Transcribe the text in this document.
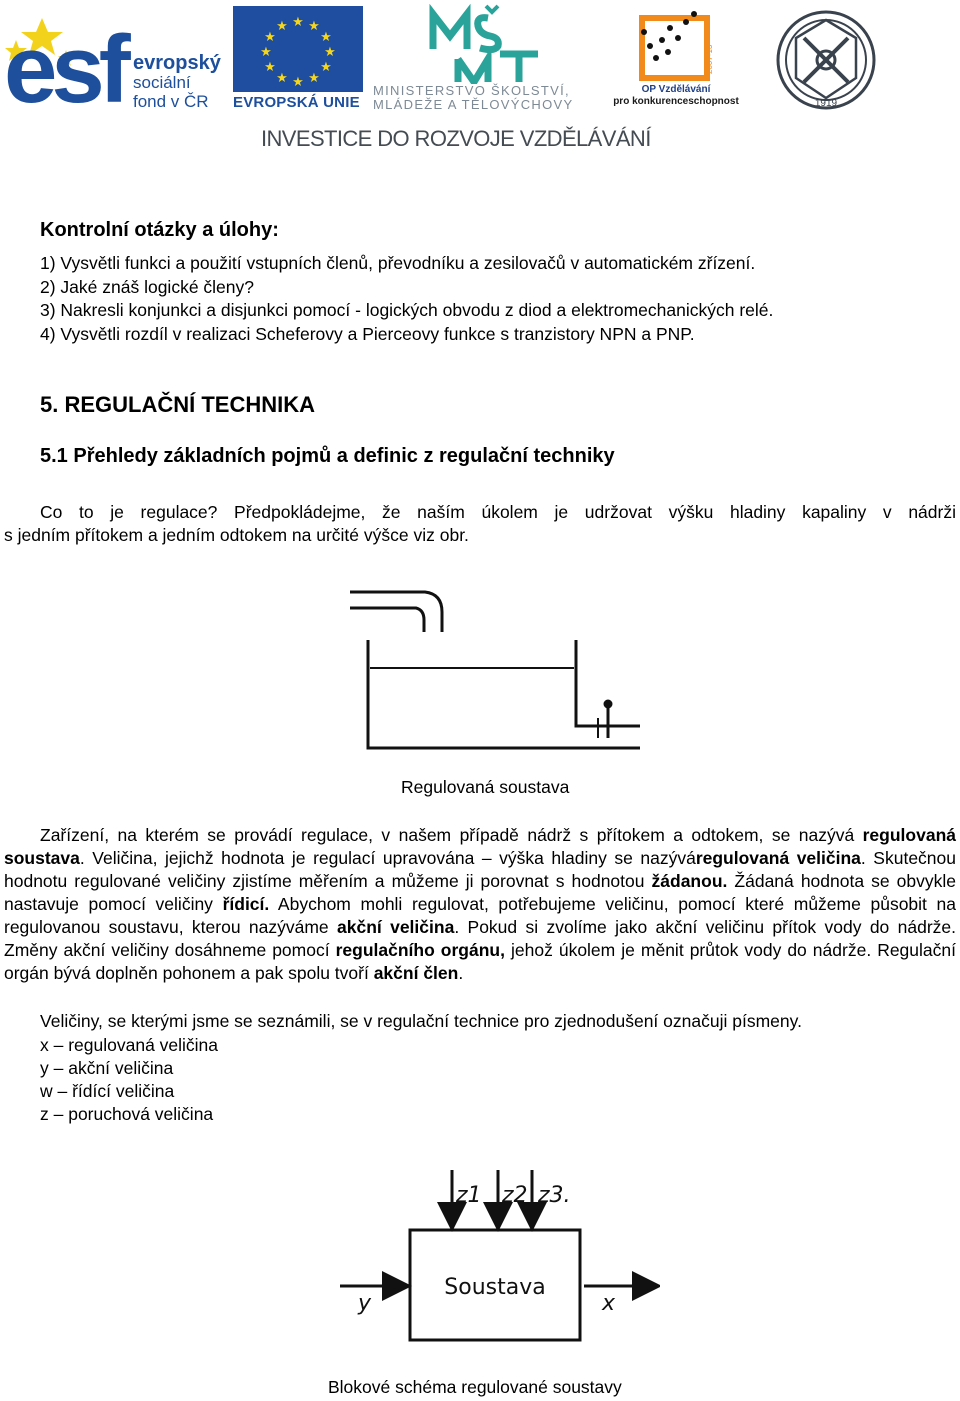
esf evropský
sociální
fond v ČR
★ ★
★
★
★
★
★
★
★
★
★
★
EVROPSKÁ UNIE
MINISTERSTVO ŠKOLSTVÍ,
MLÁDEŽE A TĚLOVÝCHOVY
2007-13
OP Vzdělávání
pro konkurenceschopnost	1919
INVESTICE DO ROZVOJE VZDĚLÁVÁNÍ
Kontrolní otázky a úlohy:
1) Vysvětli funkci a použití vstupních členů, převodníku a zesilovačů v automatickém zřízení.
2) Jaké znáš logické členy?
3) Nakresli konjunkci a disjunkci pomocí - logických obvodu z diod a elektromechanických relé.
4) Vysvětli rozdíl v realizaci Scheferovy a Pierceovy funkce s tranzistory NPN a PNP.
5. REGULAČNÍ TECHNIKA
5.1 Přehledy základních pojmů a definic z regulační techniky
Co to je regulace? Předpokládejme, že naším úkolem je udržovat výšku hladiny kapaliny v nádrži
s jedním přítokem a jedním odtokem na určité výšce viz obr.
Regulovaná soustava
Zařízení, na kterém se provádí regulace, v našem případě nádrž s přítokem a odtokem, se nazývá regulovaná soustava. Veličina, jejichž hodnota je regulací upravována – výška hladiny se nazýváregulovaná veličina. Skutečnou hodnotu regulované veličiny zjistíme měřením a můžeme ji porovnat s hodnotou žádanou. Žádaná hodnota se obvykle nastavuje pomocí veličiny řídicí. Abychom mohli regulovat, potřebujeme veličinu, pomocí které můžeme působit na regulovanou soustavu, kterou nazýváme akční veličina. Pokud si zvolíme jako akční veličinu přítok vody do nádrže. Změny akční veličiny dosáhneme pomocí regulačního orgánu, jehož úkolem je měnit průtok vody do nádrže. Regulační orgán bývá doplněn pohonem a pak spolu tvoří akční člen.
Veličiny, se kterými jsme se seznámili, se v regulační technice pro zjednodušení označuji písmeny.
x – regulovaná veličina
y – akční veličina
w – řídící veličina
z – poruchová veličina
z1 z2 z3.
y	x
Soustava
Blokové schéma regulované soustavy
